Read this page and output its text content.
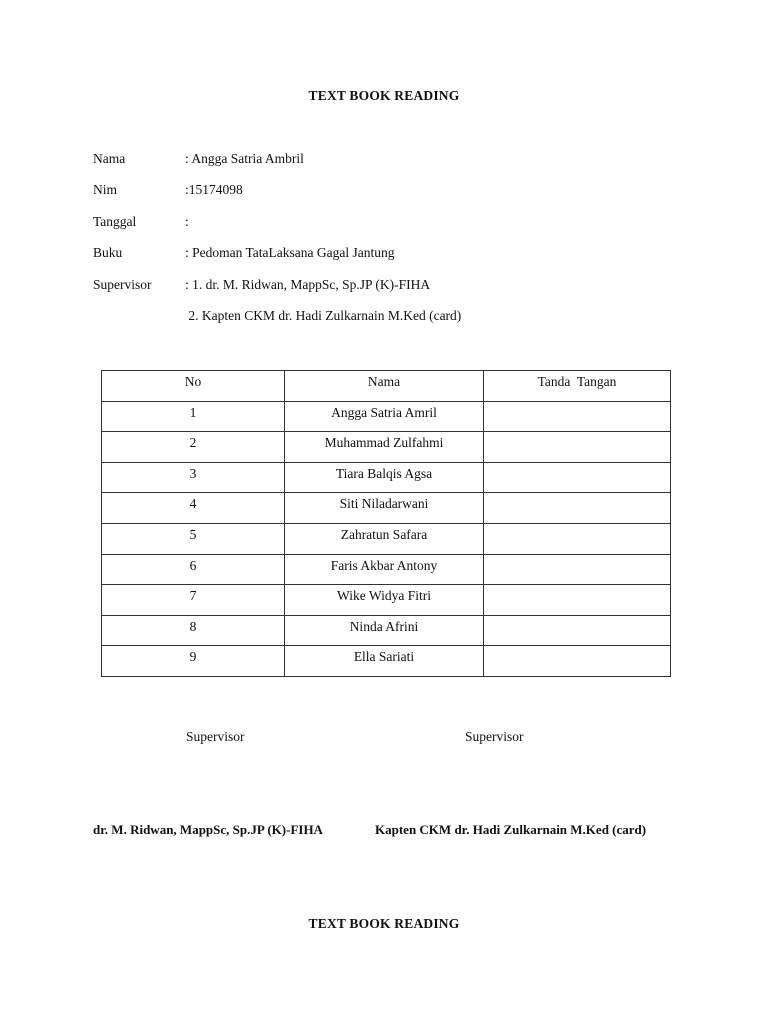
TEXT BOOK READING
Nama	: Angga Satria Ambril
Nim	:15174098
Tanggal	:
Buku	: Pedoman TataLaksana Gagal Jantung
Supervisor : 1. dr. M. Ridwan, MappSc, Sp.JP (K)-FIHA
2. Kapten CKM dr. Hadi Zulkarnain M.Ked (card)
No	Nama	Tanda  Tangan
1	Angga Satria Amril	
2	Muhammad Zulfahmi	
3	Tiara Balqis Agsa	
4	Siti Niladarwani	
5	Zahratun Safara	
6	Faris Akbar Antony	
7	Wike Widya Fitri	
8	Ninda Afrini	
9	Ella Sariati	
Supervisor	Supervisor
dr. M. Ridwan, MappSc, Sp.JP (K)-FIHA	Kapten CKM dr. Hadi Zulkarnain M.Ked (card)
TEXT BOOK READING
